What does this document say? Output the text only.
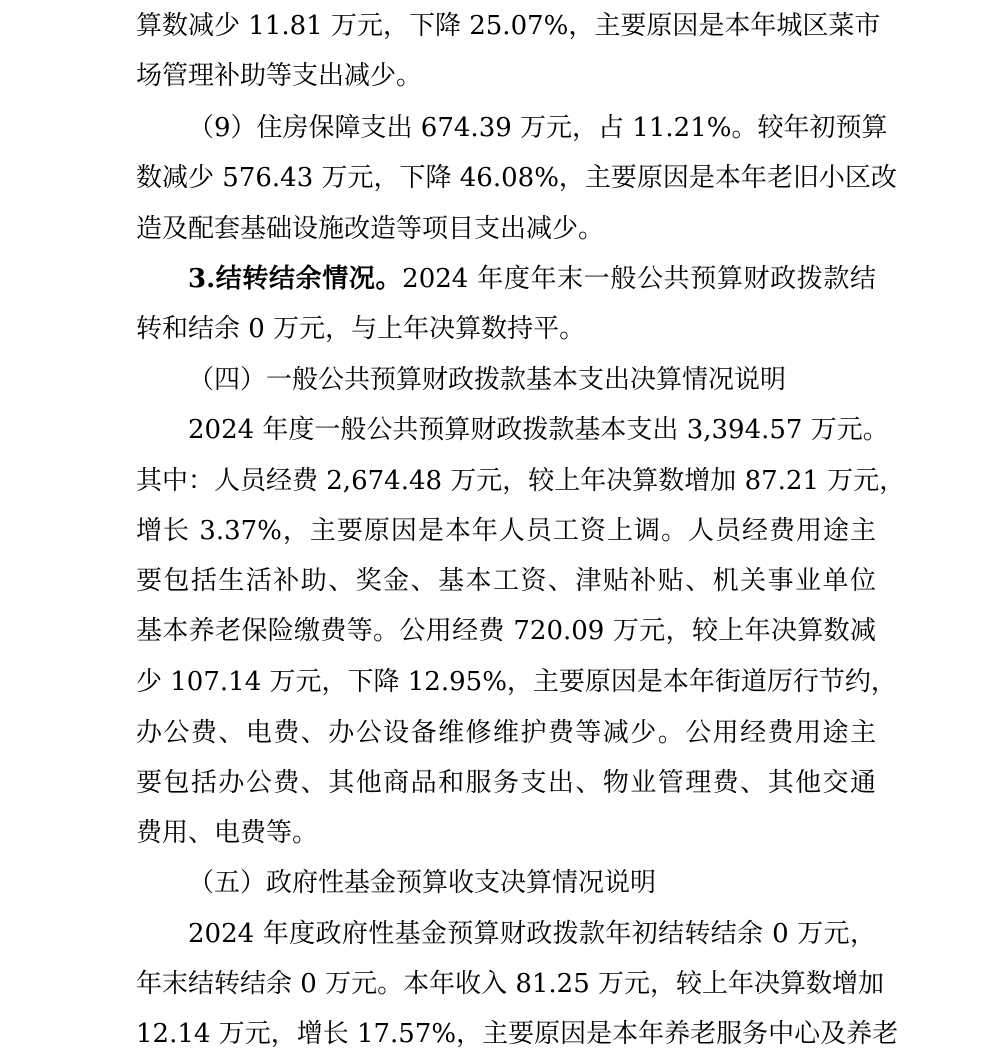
算数减少 11.81 万元，下降 25.07%，主要原因是本年城区菜市
场管理补助等支出减少。
（9）住房保障支出 674.39 万元，占 11.21%。较年初预算
数减少 576.43 万元，下降 46.08%，主要原因是本年老旧小区改
造及配套基础设施改造等项目支出减少。
3.结转结余情况。2024 年度年末一般公共预算财政拨款结
转和结余 0 万元，与上年决算数持平。
（四）一般公共预算财政拨款基本支出决算情况说明
2024 年度一般公共预算财政拨款基本支出 3,394.57 万元。
其中：人员经费 2,674.48 万元，较上年决算数增加 87.21 万元，
增长 3.37%，主要原因是本年人员工资上调。人员经费用途主
要包括生活补助、奖金、基本工资、津贴补贴、机关事业单位
基本养老保险缴费等。公用经费 720.09 万元，较上年决算数减
少 107.14 万元，下降 12.95%，主要原因是本年街道厉行节约，
办公费、电费、办公设备维修维护费等减少。公用经费用途主
要包括办公费、其他商品和服务支出、物业管理费、其他交通
费用、电费等。
（五）政府性基金预算收支决算情况说明
2024 年度政府性基金预算财政拨款年初结转结余 0 万元，
年末结转结余 0 万元。本年收入 81.25 万元，较上年决算数增加
12.14 万元，增长 17.57%，主要原因是本年养老服务中心及养老
